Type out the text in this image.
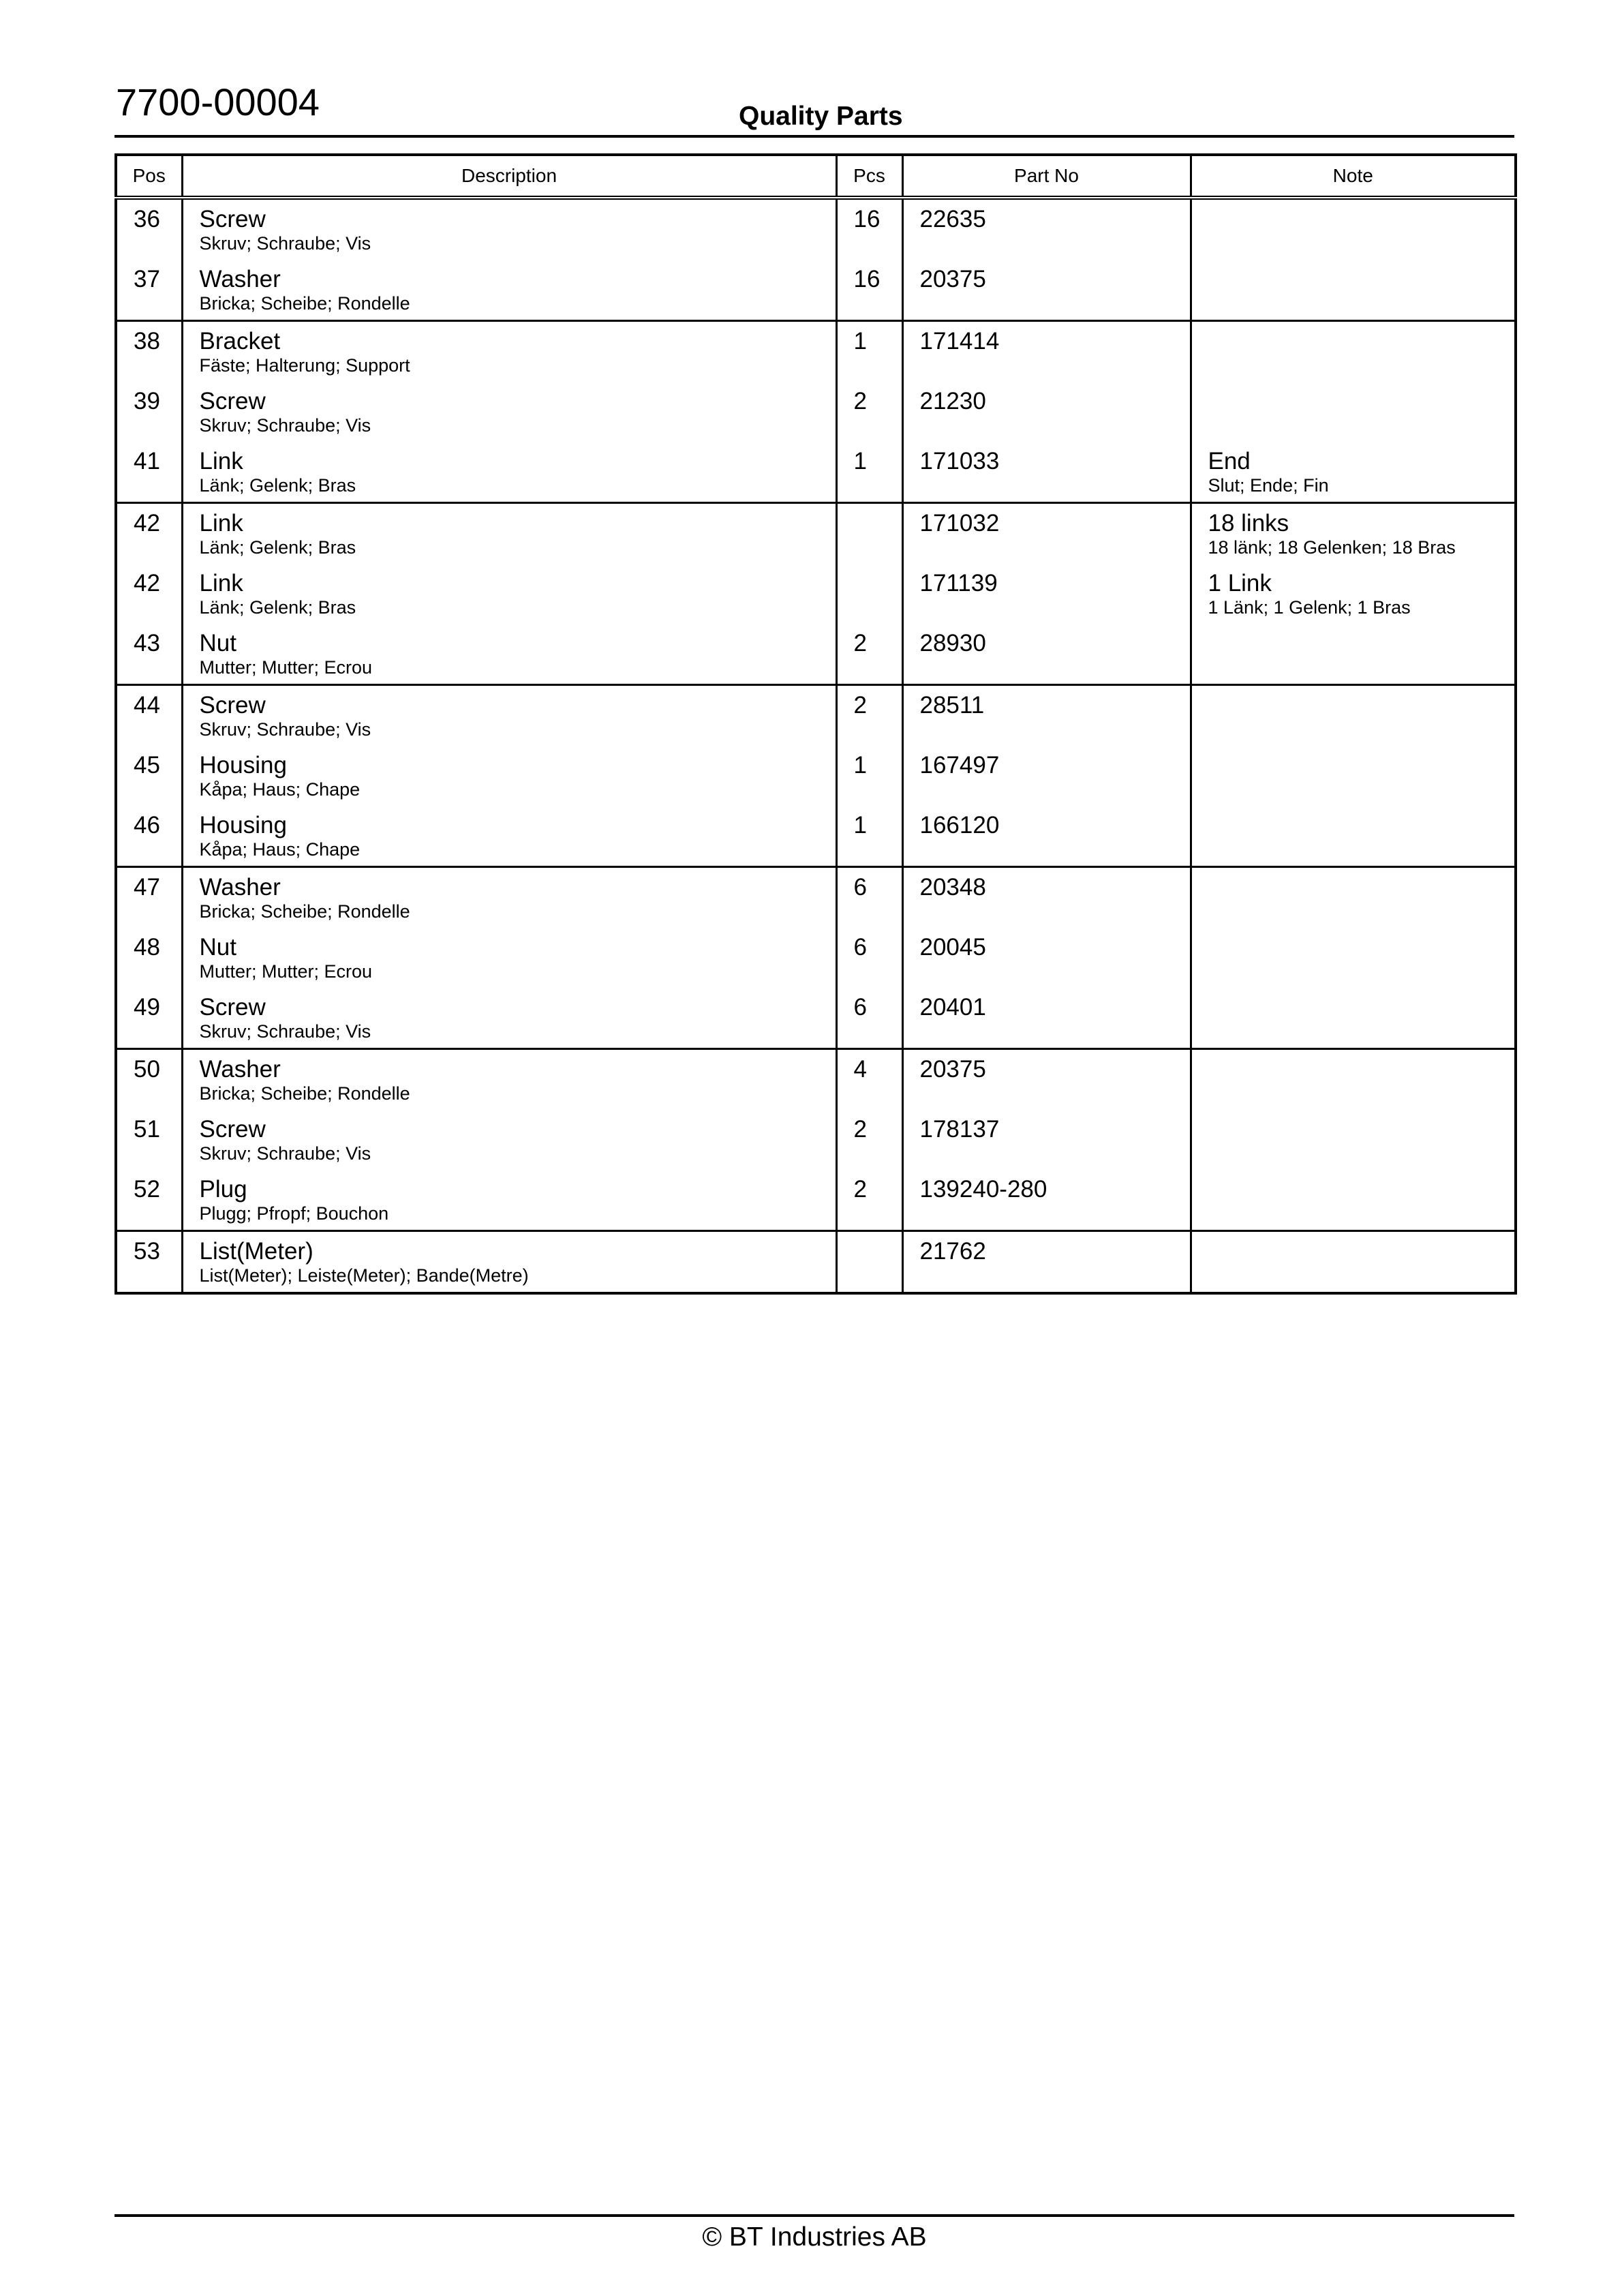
7700-00004	Quality Parts
Pos	Description	Pcs	Part No	Note

36	Screw
Skruv; Schraube; Vis	16	22635	

37	Washer
Bricka; Scheibe; Rondelle	16	20375	

38	Bracket
Fäste; Halterung; Support	1	171414	

39	Screw
Skruv; Schraube; Vis	2	21230	

41	Link
Länk; Gelenk; Bras	1	171033	End
Slut; Ende; Fin

42	Link
Länk; Gelenk; Bras		171032	18 links
18 länk; 18 Gelenken; 18 Bras

42	Link
Länk; Gelenk; Bras		171139	1 Link
1 Länk; 1 Gelenk; 1 Bras

43	Nut
Mutter; Mutter; Ecrou	2	28930	

44	Screw
Skruv; Schraube; Vis	2	28511	

45	Housing
Kåpa; Haus; Chape	1	167497	

46	Housing
Kåpa; Haus; Chape	1	166120	

47	Washer
Bricka; Scheibe; Rondelle	6	20348	

48	Nut
Mutter; Mutter; Ecrou	6	20045	

49	Screw
Skruv; Schraube; Vis	6	20401	

50	Washer
Bricka; Scheibe; Rondelle	4	20375	

51	Screw
Skruv; Schraube; Vis	2	178137	

52	Plug
Plugg; Pfropf; Bouchon	2	139240-280	

53	List(Meter)
List(Meter); Leiste(Meter); Bande(Metre)		21762	

© BT Industries AB
